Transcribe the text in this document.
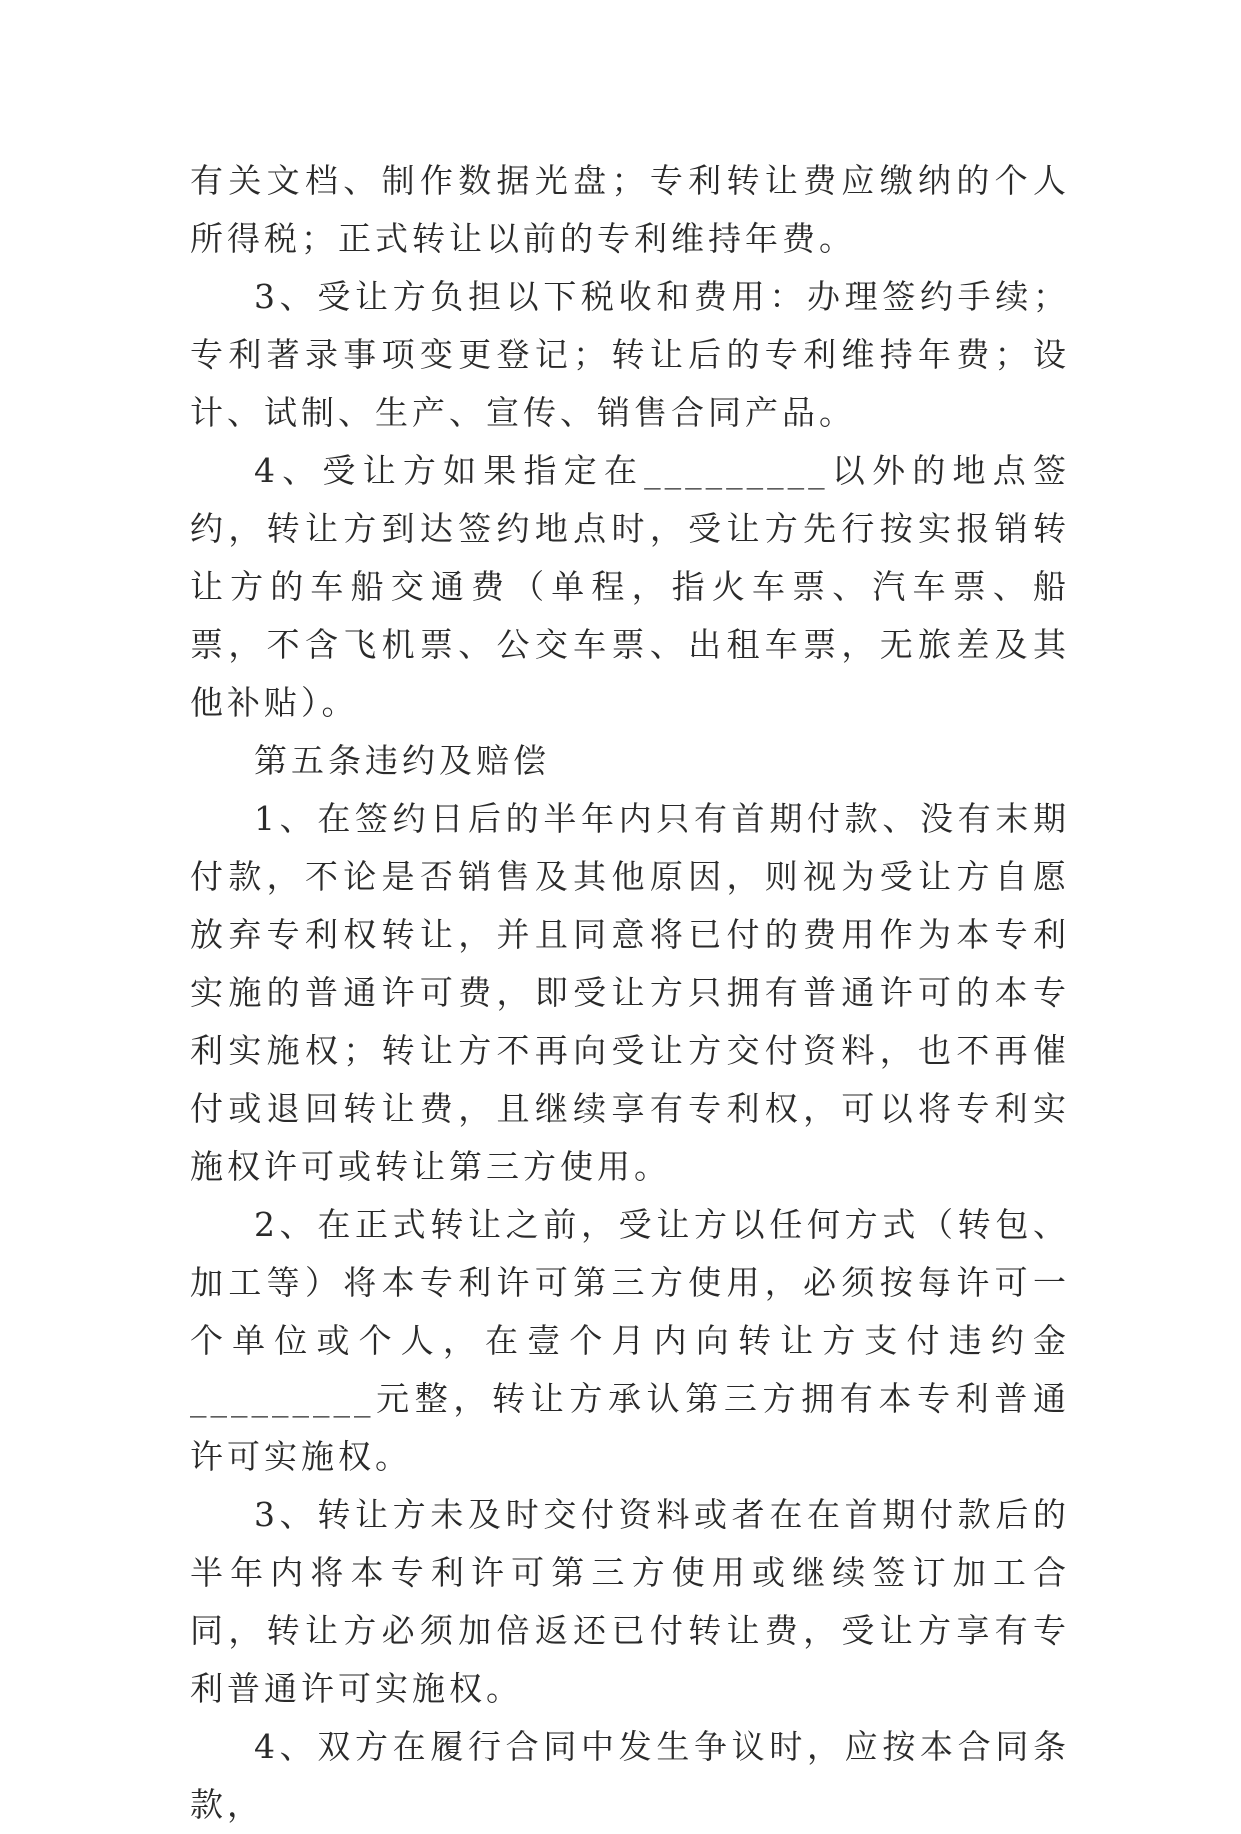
有关文档、制作数据光盘；专利转让费应缴纳的个人所得税；正式转让以前的专利维持年费。

3、受让方负担以下税收和费用：办理签约手续；专利著录事项变更登记；转让后的专利维持年费；设计、试制、生产、宣传、销售合同产品。

4、受让方如果指定在_________以外的地点签约，转让方到达签约地点时，受让方先行按实报销转让方的车船交通费（单程，指火车票、汽车票、船票，不含飞机票、公交车票、出租车票，无旅差及其他补贴）。

第五条违约及赔偿

1、在签约日后的半年内只有首期付款、没有末期付款，不论是否销售及其他原因，则视为受让方自愿放弃专利权转让，并且同意将已付的费用作为本专利实施的普通许可费，即受让方只拥有普通许可的本专利实施权；转让方不再向受让方交付资料，也不再催付或退回转让费，且继续享有专利权，可以将专利实施权许可或转让第三方使用。

2、在正式转让之前，受让方以任何方式（转包、加工等）将本专利许可第三方使用，必须按每许可一个单位或个人，在壹个月内向转让方支付违约金_________元整，转让方承认第三方拥有本专利普通许可实施权。

3、转让方未及时交付资料或者在在首期付款后的半年内将本专利许可第三方使用或继续签订加工合同，转让方必须加倍返还已付转让费，受让方享有专利普通许可实施权。

4、双方在履行合同中发生争议时，应按本合同条款，
